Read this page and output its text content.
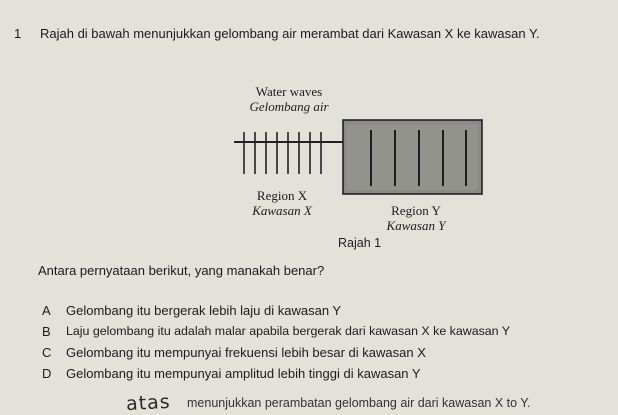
1 Rajah di bawah menunjukkan gelombang air merambat dari Kawasan X ke kawasan Y.
Water waves
Gelombang air
Region X
Kawasan X	Region Y
Kawasan Y
Rajah 1
Antara pernyataan berikut, yang manakah benar?
A Gelombang itu bergerak lebih laju di kawasan Y
B Laju gelombang itu adalah malar apabila bergerak dari kawasan X ke kawasan Y
C Gelombang itu mempunyai frekuensi lebih besar di kawasan X
D Gelombang itu mempunyai amplitud lebih tinggi di kawasan Y
atas menunjukkan perambatan gelombang air dari kawasan X to Y.
